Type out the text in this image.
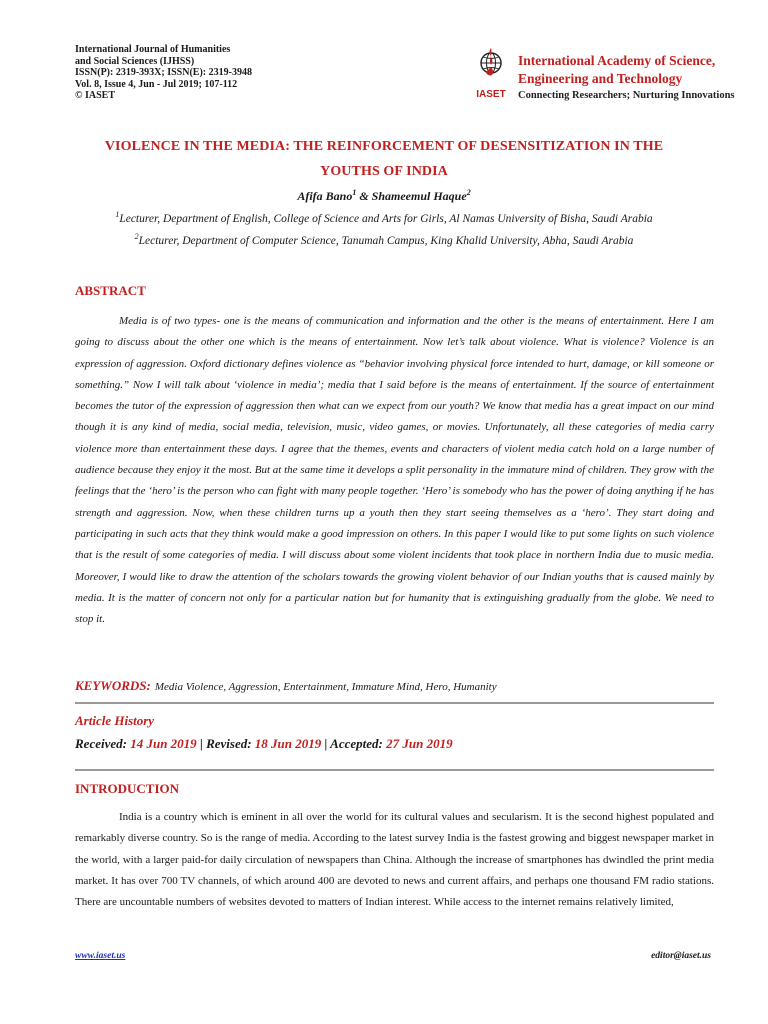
International Journal of Humanities
and Social Sciences (IJHSS)
ISSN(P): 2319-393X; ISSN(E): 2319-3948
Vol. 8, Issue 4, Jun - Jul 2019; 107-112
© IASET	IASET
International Academy of Science,
Engineering and Technology
Connecting Researchers; Nurturing Innovations
VIOLENCE IN THE MEDIA: THE REINFORCEMENT OF DESENSITIZATION IN THE
YOUTHS OF INDIA
Afifa Bano$^1$ & Shameemul Haque$^2$
$^1$Lecturer, Department of English, College of Science and Arts for Girls, Al Namas University of Bisha, Saudi Arabia
$^2$Lecturer, Department of Computer Science, Tanumah Campus, King Khalid University, Abha, Saudi Arabia
ABSTRACT

Media is of two types- one is the means of communication and information and the other is the means of entertainment. Here I am going to discuss about the other one which is the means of entertainment. Now let’s talk about violence. What is violence? Violence is an expression of aggression. Oxford dictionary defines violence as “behavior involving physical force intended to hurt, damage, or kill someone or something.” Now I will talk about ‘violence in media’; media that I said before is the means of entertainment. If the source of entertainment becomes the tutor of the expression of aggression then what can we expect from our youth? We know that media has a great impact on our mind though it is any kind of media, social media, television, music, video games, or movies. Unfortunately, all these categories of media carry violence more than entertainment these days. I agree that the themes, events and characters of violent media catch hold on a large number of audience because they enjoy it the most. But at the same time it develops a split personality in the immature mind of children. They grow with the feelings that the ‘hero’ is the person who can fight with many people together. ‘Hero’ is somebody who has the power of doing anything if he has strength and aggression. Now, when these children turns up a youth then they start seeing themselves as a ‘hero’. They start doing and participating in such acts that they think would make a good impression on others. In this paper I would like to put some lights on such violence that is the result of some categories of media. I will discuss about some violent incidents that took place in northern India due to music media. Moreover, I would like to draw the attention of the scholars towards the growing violent behavior of our Indian youths that is caused mainly by media. It is the matter of concern not only for a particular nation but for humanity that is extinguishing gradually from the globe. We need to stop it.

KEYWORDS: Media Violence, Aggression, Entertainment, Immature Mind, Hero, Humanity
Article History
Received: 14 Jun 2019 | Revised: 18 Jun 2019 | Accepted: 27 Jun 2019
INTRODUCTION

India is a country which is eminent in all over the world for its cultural values and secularism. It is the second highest populated and remarkably diverse country. So is the range of media. According to the latest survey India is the fastest growing and biggest newspaper market in the world, with a larger paid-for daily circulation of newspapers than China. Although the increase of smartphones has dwindled the print media market. It has over 700 TV channels, of which around 400 are devoted to news and current affairs, and perhaps one thousand FM radio stations. There are uncountable numbers of websites devoted to matters of Indian interest. While access to the internet remains relatively limited,

www.iaset.us	editor@iaset.us
